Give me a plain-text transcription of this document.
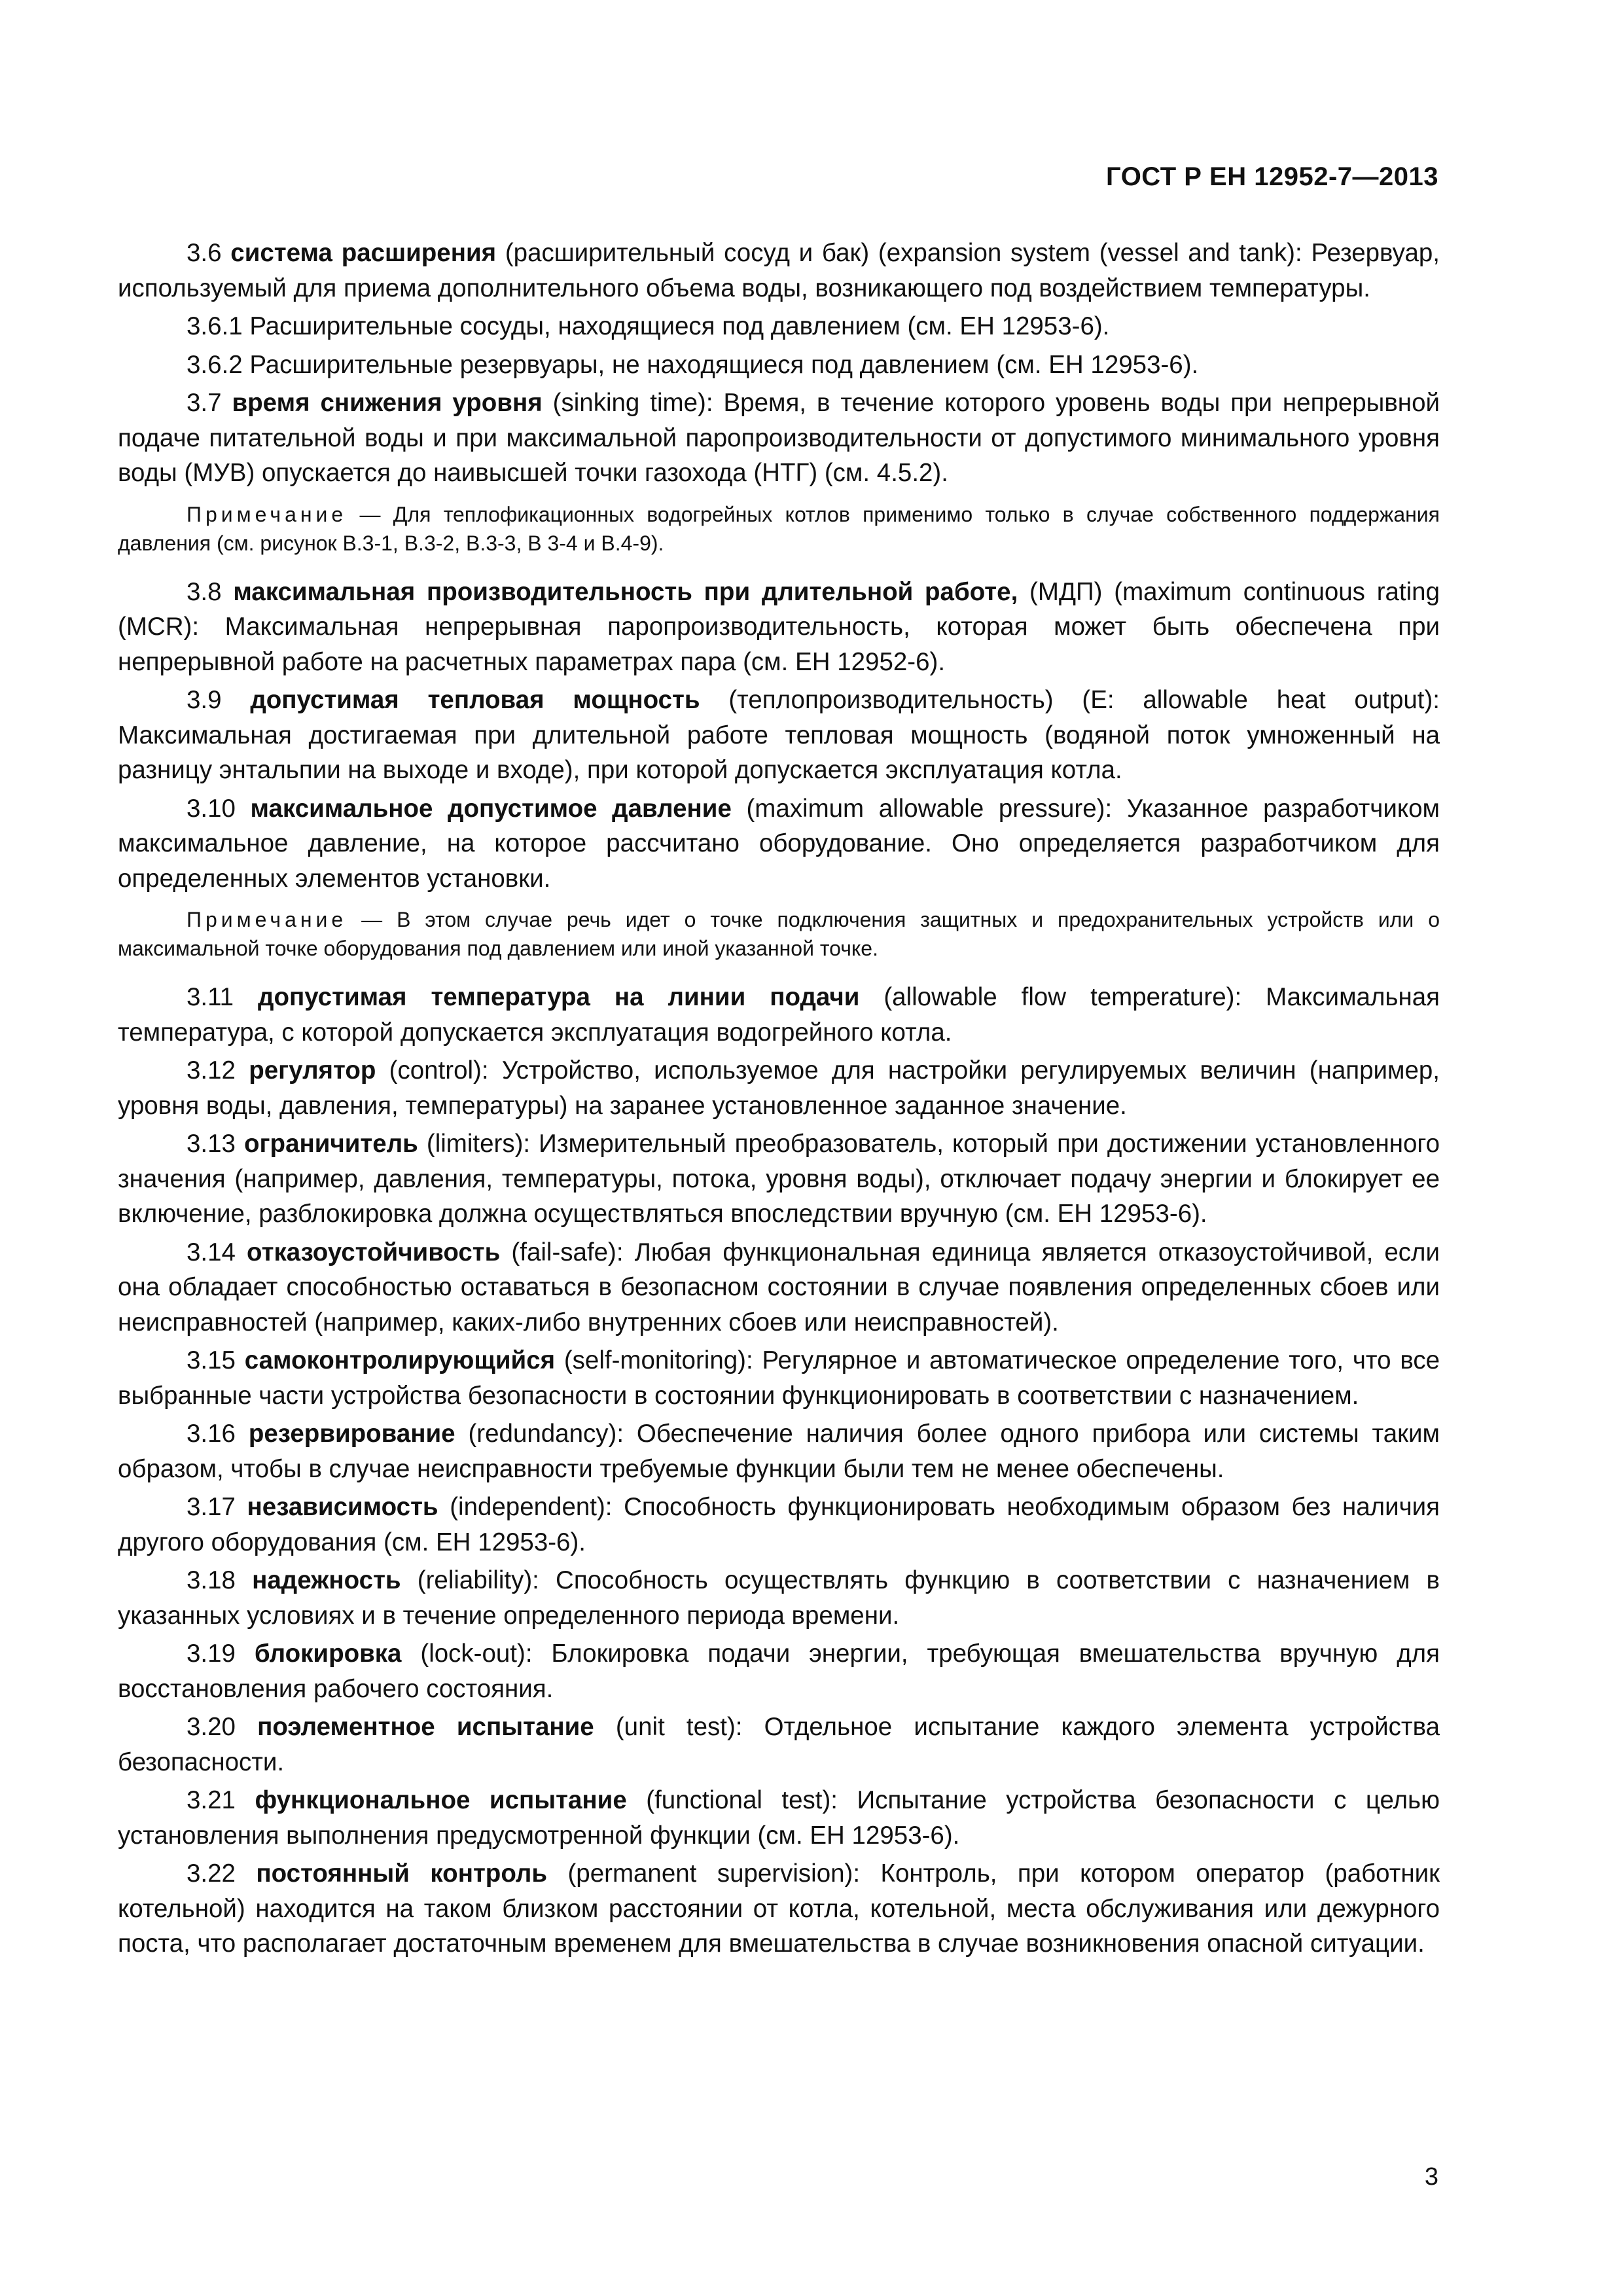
ГОСТ Р ЕН 12952-7—2013

3.6 система расширения (расширительный сосуд и бак) (expansion system (vessel and tank): Резервуар, используемый для приема дополнительного объема воды, возникающего под воздействием температуры.

3.6.1 Расширительные сосуды, находящиеся под давлением (см. ЕН 12953-6).

3.6.2 Расширительные резервуары, не находящиеся под давлением (см. ЕН 12953-6).

3.7 время снижения уровня (sinking time): Время, в течение которого уровень воды при непрерывной подаче питательной воды и при максимальной паропроизводительности от допустимого минимального уровня воды (МУВ) опускается до наивысшей точки газохода (НТГ) (см. 4.5.2).

Примечание — Для теплофикационных водогрейных котлов применимо только в случае собственного поддержания давления (см. рисунок В.3-1, В.3-2, В.3-3, В 3-4 и В.4-9).

3.8 максимальная производительность при длительной работе, (МДП) (maximum continuous rating (MCR): Максимальная непрерывная паропроизводительность, которая может быть обеспечена при непрерывной работе на расчетных параметрах пара (см. ЕН 12952-6).

3.9 допустимая тепловая мощность (теплопроизводительность) (E: allowable heat output): Максимальная достигаемая при длительной работе тепловая мощность (водяной поток умноженный на разницу энтальпии на выходе и входе), при которой допускается эксплуатация котла.

3.10 максимальное допустимое давление (maximum allowable pressure): Указанное разработчиком максимальное давление, на которое рассчитано оборудование. Оно определяется разработчиком для определенных элементов установки.

Примечание — В этом случае речь идет о точке подключения защитных и предохранительных устройств или о максимальной точке оборудования под давлением или иной указанной точке.

3.11 допустимая температура на линии подачи (allowable flow temperature): Максимальная температура, с которой допускается эксплуатация водогрейного котла.

3.12 регулятор (control): Устройство, используемое для настройки регулируемых величин (например, уровня воды, давления, температуры) на заранее установленное заданное значение.

3.13 ограничитель (limiters): Измерительный преобразователь, который при достижении установленного значения (например, давления, температуры, потока, уровня воды), отключает подачу энергии и блокирует ее включение, разблокировка должна осуществляться впоследствии вручную (см. ЕН 12953-6).

3.14 отказоустойчивость (fail-safe): Любая функциональная единица является отказоустойчивой, если она обладает способностью оставаться в безопасном состоянии в случае появления определенных сбоев или неисправностей (например, каких-либо внутренних сбоев или неисправностей).

3.15 самоконтролирующийся (self-monitoring): Регулярное и автоматическое определение того, что все выбранные части устройства безопасности в состоянии функционировать в соответствии с назначением.

3.16 резервирование (redundancy): Обеспечение наличия более одного прибора или системы таким образом, чтобы в случае неисправности требуемые функции были тем не менее обеспечены.

3.17 независимость (independent): Способность функционировать необходимым образом без наличия другого оборудования (см. ЕН 12953-6).

3.18 надежность (reliability): Способность осуществлять функцию в соответствии с назначением в указанных условиях и в течение определенного периода времени.

3.19 блокировка (lock-out): Блокировка подачи энергии, требующая вмешательства вручную для восстановления рабочего состояния.

3.20 поэлементное испытание (unit test): Отдельное испытание каждого элемента устройства безопасности.

3.21 функциональное испытание (functional test): Испытание устройства безопасности с целью установления выполнения предусмотренной функции (см. ЕН 12953-6).

3.22 постоянный контроль (permanent supervision): Контроль, при котором оператор (работник котельной) находится на таком близком расстоянии от котла, котельной, места обслуживания или дежурного поста, что располагает достаточным временем для вмешательства в случае возникновения опасной ситуации.

3
